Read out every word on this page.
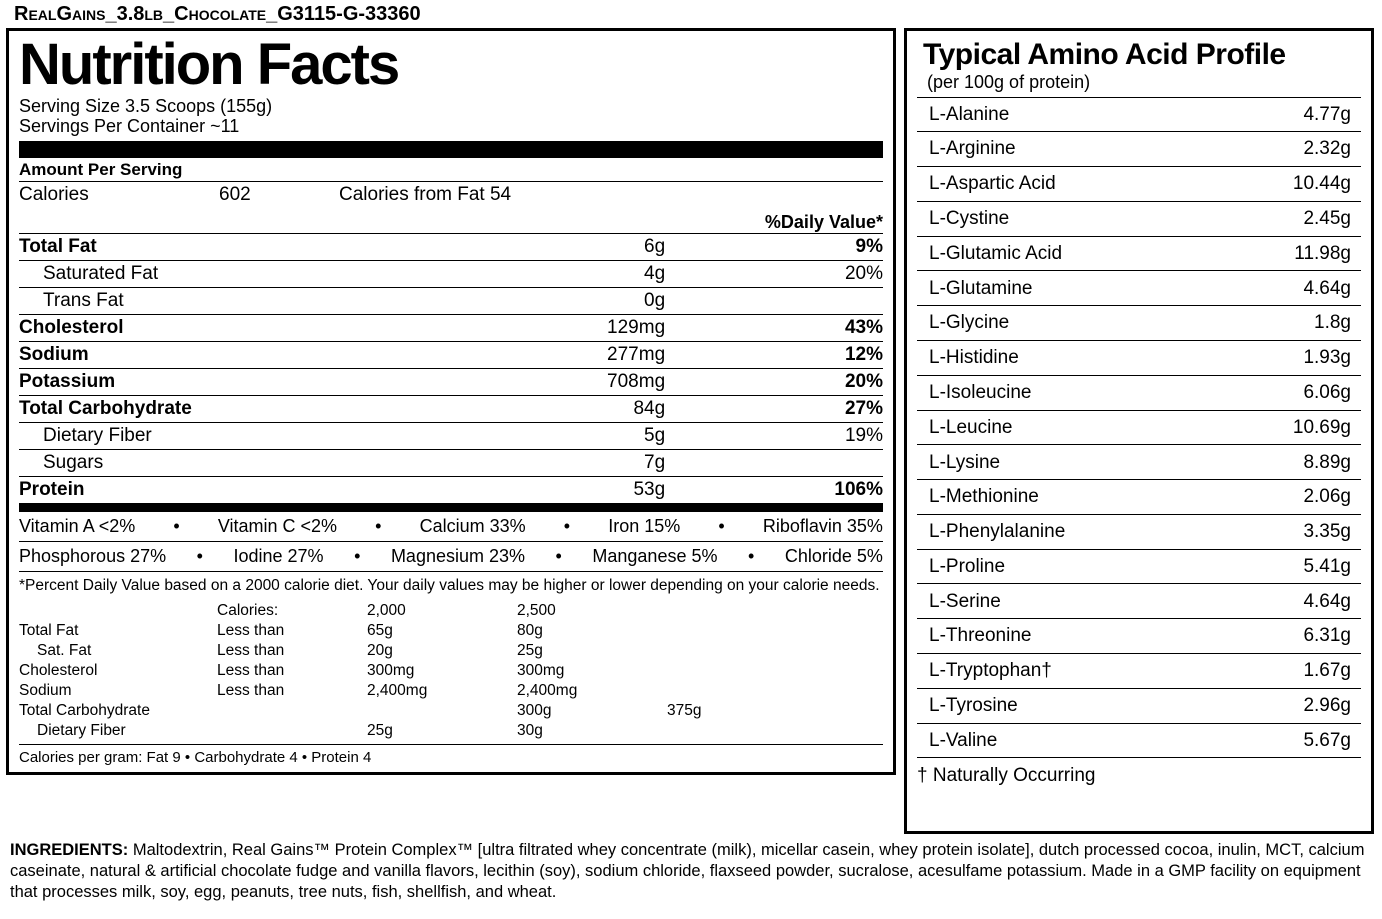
RealGains_3.8lb_Chocolate_G3115-G-33360
Nutrition Facts
Serving Size 3.5 Scoops (155g)
Servings Per Container ~11
Amount Per Serving
Calories	602	Calories from Fat 54
%Daily Value*
Total Fat	6g	9%
Saturated Fat	4g	20%
Trans Fat	0g	
Cholesterol	129mg	43%
Sodium	277mg	12%
Potassium	708mg	20%
Total Carbohydrate	84g	27%
Dietary Fiber	5g	19%
Sugars	7g	
Protein	53g	106%
Vitamin A <2% • Vitamin C <2% • Calcium 33% • Iron 15% • Riboflavin 35%
Phosphorous 27% • Iodine 27% • Magnesium 23% • Manganese 5% • Chloride 5%
*Percent Daily Value based on a 2000 calorie diet. Your daily values may be higher or lower depending on your calorie needs.
	Calories:	2,000	2,500	
Total Fat	Less than	65g	80g	
Sat. Fat	Less than	20g	25g	
Cholesterol	Less than	300mg	300mg	
Sodium	Less than	2,400mg	2,400mg	
Total Carbohydrate			300g	375g
Dietary Fiber		25g	30g	
Calories per gram: Fat 9 • Carbohydrate 4 • Protein 4
Typical Amino Acid Profile
(per 100g of protein)
L-Alanine	4.77g
L-Arginine	2.32g
L-Aspartic Acid	10.44g
L-Cystine	2.45g
L-Glutamic Acid	11.98g
L-Glutamine	4.64g
L-Glycine	1.8g
L-Histidine	1.93g
L-Isoleucine	6.06g
L-Leucine	10.69g
L-Lysine	8.89g
L-Methionine	2.06g
L-Phenylalanine	3.35g
L-Proline	5.41g
L-Serine	4.64g
L-Threonine	6.31g
L-Tryptophan†	1.67g
L-Tyrosine	2.96g
L-Valine	5.67g
† Naturally Occurring	
INGREDIENTS: Maltodextrin, Real Gains™ Protein Complex™ [ultra filtrated whey concentrate (milk), micellar casein, whey protein isolate], dutch processed cocoa, inulin, MCT, calcium caseinate, natural & artificial chocolate fudge and vanilla flavors, lecithin (soy), sodium chloride, flaxseed powder, sucralose, acesulfame potassium. Made in a GMP facility on equipment that processes milk, soy, egg, peanuts, tree nuts, fish, shellfish, and wheat.
